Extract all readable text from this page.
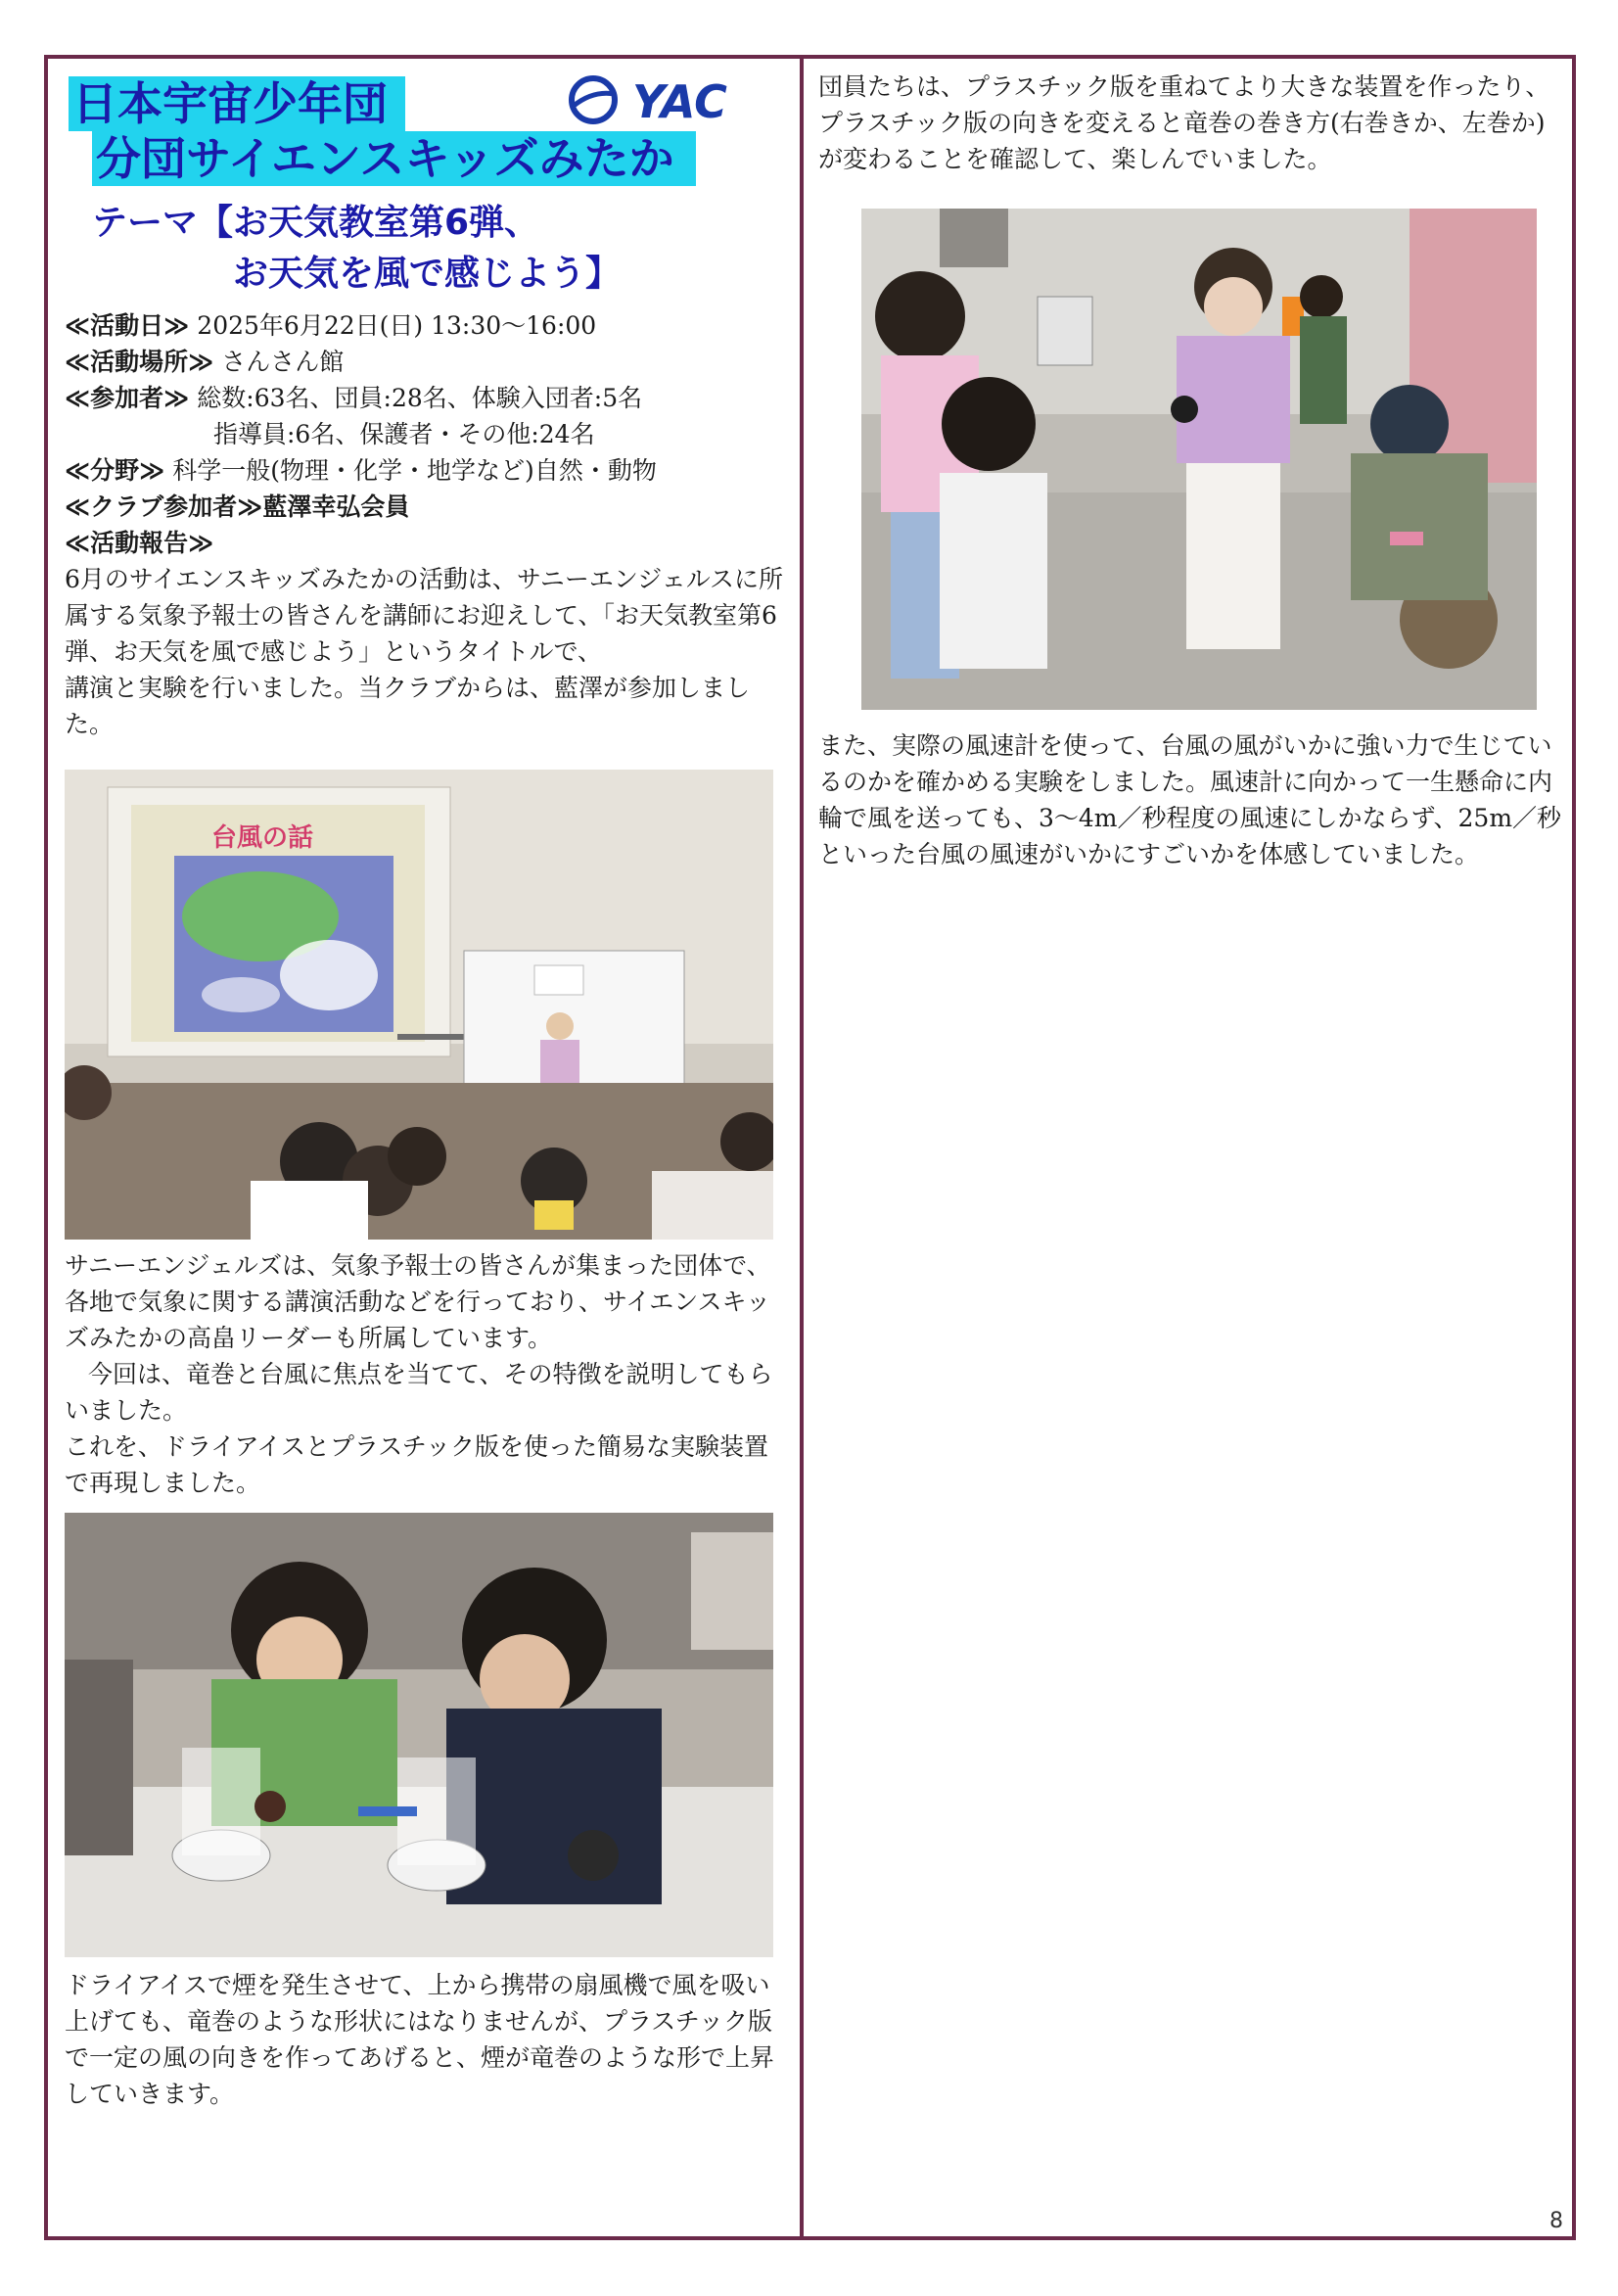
日本宇宙少年団
分団サイエンスキッズみたか
YAC
テーマ【お天気教室第6弾、
お天気を風で感じよう】
≪活動日≫ 2025年6月22日(日) 13:30～16:00
≪活動場所≫ さんさん館
≪参加者≫ 総数:63名、団員:28名、体験入団者:5名
指導員:6名、保護者・その他:24名
≪分野≫ 科学一般(物理・化学・地学など)自然・動物
≪クラブ参加者≫藍澤幸弘会員
≪活動報告≫

6月のサイエンスキッズみたかの活動は、サニーエンジェルスに所属する気象予報士の皆さんを講師にお迎えして、「お天気教室第6弾、お天気を風で感じよう」というタイトルで、

講演と実験を行いました。当クラブからは、藍澤が参加しました。

台風の話

サニーエンジェルズは、気象予報士の皆さんが集まった団体で、各地で気象に関する講演活動などを行っており、サイエンスキッズみたかの高畠リーダーも所属しています。

今回は、竜巻と台風に焦点を当てて、その特徴を説明してもらいました。

これを、ドライアイスとプラスチック版を使った簡易な実験装置で再現しました。

ドライアイスで煙を発生させて、上から携帯の扇風機で風を吸い上げても、竜巻のような形状にはなりませんが、プラスチック版で一定の風の向きを作ってあげると、煙が竜巻のような形で上昇していきます。

団員たちは、プラスチック版を重ねてより大きな装置を作ったり、プラスチック版の向きを変えると竜巻の巻き方(右巻きか、左巻か)が変わることを確認して、楽しんでいました。

また、実際の風速計を使って、台風の風がいかに強い力で生じているのかを確かめる実験をしました。風速計に向かって一生懸命に内輪で風を送っても、3～4m／秒程度の風速にしかならず、25m／秒といった台風の風速がいかにすごいかを体感していました。

8
